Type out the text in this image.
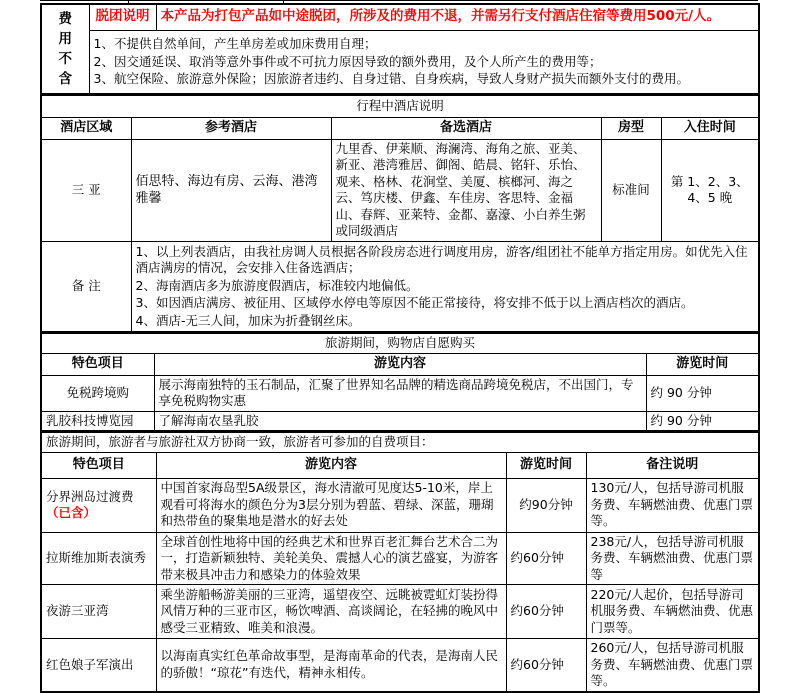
费用不含
	脱团说明	本产品为打包产品如中途脱团，所涉及的费用不退，并需另行支付酒店住宿等费用500元/人。

1、不提供自然单间，产生单房差或加床费用自理；
2、因交通延误、取消等意外事件或不可抗力原因导致的额外费用，及个人所产生的费用等；
3、航空保险、旅游意外保险；因旅游者违约、自身过错、自身疾病，导致人身财产损失而额外支付的费用。
行程中酒店说明				
酒店区域	参考酒店	备选酒店	房型	入住时间
三 亚	佰思特、海边有房、云海、港湾雅馨	九里香、伊莱顺、海澜湾、海角之旅、亚美、新亚、港湾雅居、御阁、皓晨、铭轩、乐怡、观来、格林、花涧堂、美厦、槟榔河、海之云、笃庆楼、伊鑫、车佳房、客思特、金福山、春辉、亚莱特、金都、嘉濠、小白养生粥或同级酒店	标准间	第 1、2、3、4、5 晚
备 注	1、以上列表酒店，由我社房调人员根据各阶段房态进行调度用房，游客/组团社不能单方指定用房。如优先入住酒店满房的情况，会安排入住备选酒店；
2、海南酒店多为旅游度假酒店，标准较内地偏低。
3、如因酒店满房、被征用、区域停水停电等原因不能正常接待，将安排不低于以上酒店档次的酒店。
4、酒店-无三人间，加床为折叠钢丝床。			
旅游期间，购物店自愿购买		
特色项目	游览内容	游览时间
免税跨境购	展示海南独特的玉石制品，汇聚了世界知名品牌的精选商品跨境免税店，不出国门，专享免税购物实惠	约 90 分钟
乳胶科技博览园	了解海南农垦乳胶	约 90 分钟
旅游期间，旅游者与旅游社双方协商一致，旅游者可参加的自费项目：			
特色项目	游览内容	游览时间	备注说明

分界洲岛过渡费
（已含）	中国首家海岛型5A级景区，海水清澈可见度达5-10米，岸上观看可将海水的颜色分为3层分别为碧蓝、碧绿、深蓝，珊瑚和热带鱼的聚集地是潜水的好去处	约90分钟	130元/人，包括导游司机服务费、车辆燃油费、优惠门票等。
拉斯维加斯表演秀	全球首创性地将中国的经典艺术和世界百老汇舞台艺术合二为一，打造新颖独特、美轮美奂、震撼人心的演艺盛宴，为游客带来极具冲击力和感染力的体验效果	约60分钟	238元/人，包括导游司机服务费、车辆燃油费、优惠门票等
夜游三亚湾	乘坐游船畅游美丽的三亚湾，遥望夜空、远眺被霓虹灯装扮得风情万种的三亚市区，畅饮啤酒、高谈阔论，在轻拂的晚风中感受三亚精致、唯美和浪漫。	约60分钟	220元/人起价，包括导游司机服务费、车辆燃油费、优惠门票等。
红色娘子军演出	以海南真实红色革命故事型，是海南革命的代表，是海南人民的骄傲！“琼花”有迭代，精神永相传。	约60分钟	260元/人，包括导游司机服务费、车辆燃油费、优惠门票等。
